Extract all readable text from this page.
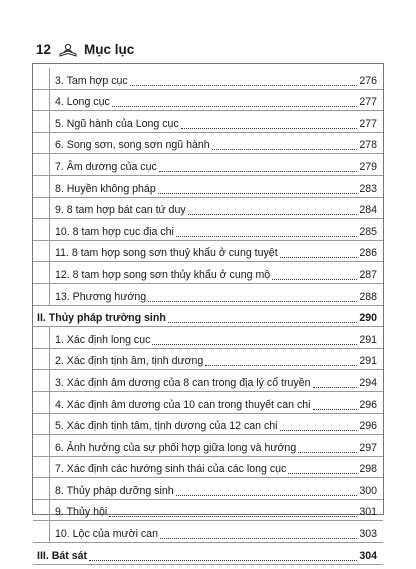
12 Mục lục
3. Tam hợp cục	276
4. Long cục	277
5. Ngũ hành của Long cục	277
6. Song sơn, song sơn ngũ hành	278
7. Âm dương của cục	279
8. Huyền không pháp	283
9. 8 tam hợp bát can tứ duy	284
10. 8 tam hợp cục địa chi	285
11. 8 tam hợp song sơn thuỷ khẩu ở cung tuyệt	286
12. 8 tam hợp song sơn thủy khẩu ở cung mộ	287
13. Phương hướng	288
II. Thủy pháp trường sinh	290
1. Xác định long cục	291
2. Xác định tịnh âm, tịnh dương	291
3. Xác định âm dương của 8 can trong địa lý cổ truyền	294
4. Xác định âm dương của 10 can trong thuyết can chi	296
5. Xác định tịnh tâm, tịnh dương của 12 can chi	296
6. Ảnh hưởng của sự phối hợp giữa long và hướng	297
7. Xác định các hướng sinh thái của các long cục	298
8. Thủy pháp dưỡng sinh	300
9. Thủy hội	301
10. Lộc của mười can	303
III. Bát sát	304
